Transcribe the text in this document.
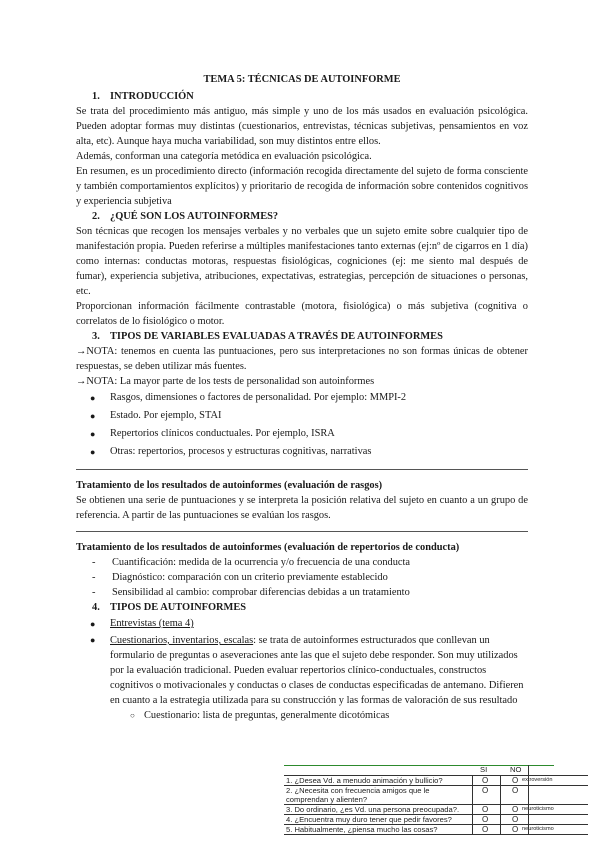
TEMA 5: TÉCNICAS DE AUTOINFORME
1. INTRODUCCIÓN

Se trata del procedimiento más antiguo, más simple y uno de los más usados en evaluación psicológica. Pueden adoptar formas muy distintas (cuestionarios, entrevistas, técnicas subjetivas, pensamientos en voz alta, etc). Aunque haya mucha variabilidad, son muy distintos entre ellos.

Además, conforman una categoría metódica en evaluación psicológica.

En resumen, es un procedimiento directo (información recogida directamente del sujeto de forma consciente y también comportamientos explícitos) y prioritario de recogida de información sobre contenidos cognitivos y experiencia subjetiva

2. ¿QUÉ SON LOS AUTOINFORMES?

Son técnicas que recogen los mensajes verbales y no verbales que un sujeto emite sobre cualquier tipo de manifestación propia. Pueden referirse a múltiples manifestaciones tanto externas (ej:nº de cigarros en 1 día) como internas: conductas motoras, respuestas fisiológicas, cogniciones (ej: me siento mal después de fumar), experiencia subjetiva, atribuciones, expectativas, estrategias, percepción de situaciones o personas, etc.

Proporcionan información fácilmente contrastable (motora, fisiológica) o más subjetiva (cognitiva o correlatos de lo fisiológico o motor.

3. TIPOS DE VARIABLES EVALUADAS A TRAVÉS DE AUTOINFORMES

→NOTA: tenemos en cuenta las puntuaciones, pero sus interpretaciones no son formas únicas de obtener respuestas, se deben utilizar más fuentes.

→NOTA: La mayor parte de los tests de personalidad son autoinformes

● Rasgos, dimensiones o factores de personalidad. Por ejemplo: MMPI-2
● Estado. Por ejemplo, STAI
● Repertorios clínicos conductuales. Por ejemplo, ISRA
● Otras: repertorios, procesos y estructuras cognitivas, narrativas
Tratamiento de los resultados de autoinformes (evaluación de rasgos)

Se obtienen una serie de puntuaciones y se interpreta la posición relativa del sujeto en cuanto a un grupo de referencia. A partir de las puntuaciones se evalúan los rasgos.

Tratamiento de los resultados de autoinformes (evaluación de repertorios de conducta)
- Cuantificación: medida de la ocurrencia y/o frecuencia de una conducta
- Diagnóstico: comparación con un criterio previamente establecido
- Sensibilidad al cambio: comprobar diferencias debidas a un tratamiento
4. TIPOS DE AUTOINFORMES
● Entrevistas (tema 4)
● Cuestionarios, inventarios, escalas: se trata de autoinformes estructurados que conllevan un formulario de preguntas o aseveraciones ante las que el sujeto debe responder. Son muy utilizados por la evaluación tradicional. Pueden evaluar repertorios clínico-conductuales, constructos cognitivos o motivacionales y conductas o clases de conductas especificadas de antemano. Difieren en cuanto a la estrategia utilizada para su construcción y las formas de valoración de sus resultado
○ Cuestionario: lista de preguntas, generalmente dicotómicas
SI	NO
1. ¿Desea Vd. a menudo animación y bullicio?	O	O extroversión
2. ¿Necesita con frecuencia amigos que le comprendan y alienten?
O	O
3. Do ordinario, ¿es Vd. una persona preocupada?.	O	O neuroticismo
4. ¿Encuentra muy duro tener que pedir favores?	O	O
5. Habitualmente, ¿piensa mucho las cosas?	O	O neuroticismo
